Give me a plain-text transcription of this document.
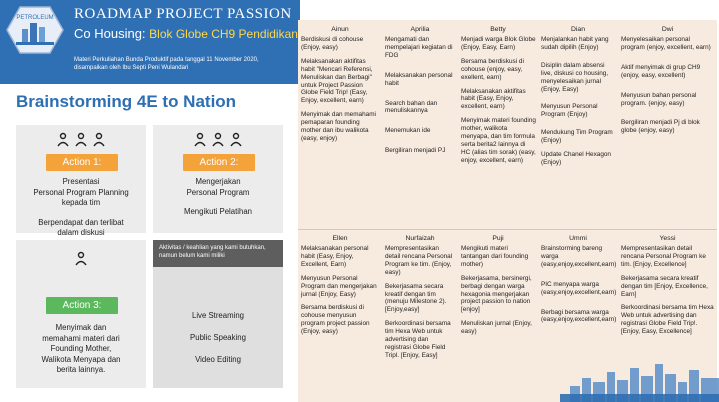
PETROLEUM ROADMAP PROJECT PASSION
Co Housing: Blok Globe CH9 Pendidikan
Materi Perkuliahan Bunda Produktif pada tanggal 11 November 2020, disampaikan oleh Ibu Septi Peni Wulandari
Brainstorming 4E to Nation
Action 1:
Presentasi
Personal Program Planning
kepada tim
Berpendapat dan terlibat
dalam diskusi
Action 2:
Mengerjakan
Personal Program
Mengikuti Pelatihan
Action 3:
Menyimak dan
memahami materi dari
Founding Mother,
Walikota Menyapa dan
berita lainnya.
Aktivitas / keahlian yang kami butuhkan, namun belum kami miliki
Live Streaming
Public Speaking
Video Editing
Ainun
Berdiskusi di cohouse (Enjoy, easy)
Melaksanakan aktifitas habit "Mencari Referensi, Menuliskan dan Berbagi" untuk Project Passion Globe Field Trip! (Easy, Enjoy, excellent, earn)
Menyimak dan memahami pemaparan founding mother dan ibu walikota (easy, enjoy)
Aprilia
Mengamati dan mempelajari kegiatan di FDG
Melaksanakan personal habit
Search bahan dan menuliskannya
Menemukan ide
Bergiliran menjadi PJ
Betty
Menjadi warga Blok Globe (Enjoy, Easy, Earn)
Bersama berdiskusi di cohouse (enjoy, easy, exellent, earn)
Melaksanakan aktifitas habit (Easy, Enjoy, excellent, earn)
Menyimak materi founding mother, walikota menyapa, dan tim formula serta berita2 lainnya di HC (alias tim sorak) (easy, enjoy, excellent, earn)
Dian
Menjalankan habit yang sudah dipilih (Enjoy)
Disiplin dalam absensi live, diskusi co housing, menyelesaikan jurnal (Enjoy, Easy)
Menyusun Personal Program (Enjoy)
Mendukung Tim Program (Enjoy)
Update Chanel Hexagon (Enjoy)
Dwi
Menyelesaikan personal program (enjoy, excellent, earn)
Aktif menyimak di grup CH9 (enjoy, easy, excellent)
Menyusun bahan personal program. (enjoy, easy)
Bergiliran menjadi Pj di blok globe (enjoy, easy)
Ellen
Melaksanakan personal habit (Easy, Enjoy, Excellent, Earn)
Menyusun Personal Program dan mengerjakan jurnal (Enjoy, Easy)
Bersama berdiskusi di cohouse menyusun program project passion (Enjoy, easy)
Nurfaizah
Mempresentasikan detail rencana Personal Program ke tim. (Enjoy, easy)
Bekerjasama secara kreatif dengan tim (menuju Milestone 2). [Enjoy,easy]
Berkoordinasi bersama tim Hexa Web untuk advertising dan registrasi Globe Field Tripl. [Enjoy, Easy]
Puji
Mengikuti materi tantangan dari founding mother)
Bekerjasama, bersinergi, berbagi dengan warga hexagonia mengerjakan project passion to nation [enjoy]
Menuliskan jurnal (Enjoy, easy)
Ummi
Brainstorming bareng warga (easy,enjoy,excellent,earn)
PIC menyapa warga (easy,enjoy,excellent,earn)
Berbagi bersama warga (easy,enjoy,excellent,earn)
Yessi
Mempresentasikan detail rencana Personal Program ke tim. [Enjoy, Excellence]
Bekerjasama secara kreatif dengan tim [Enjoy, Excellence, Earn]
Berkoordinasi bersama tim Hexa Web untuk advertising dan registrasi Globe Field Trip!. [Enjoy, Easy, Excellence]
